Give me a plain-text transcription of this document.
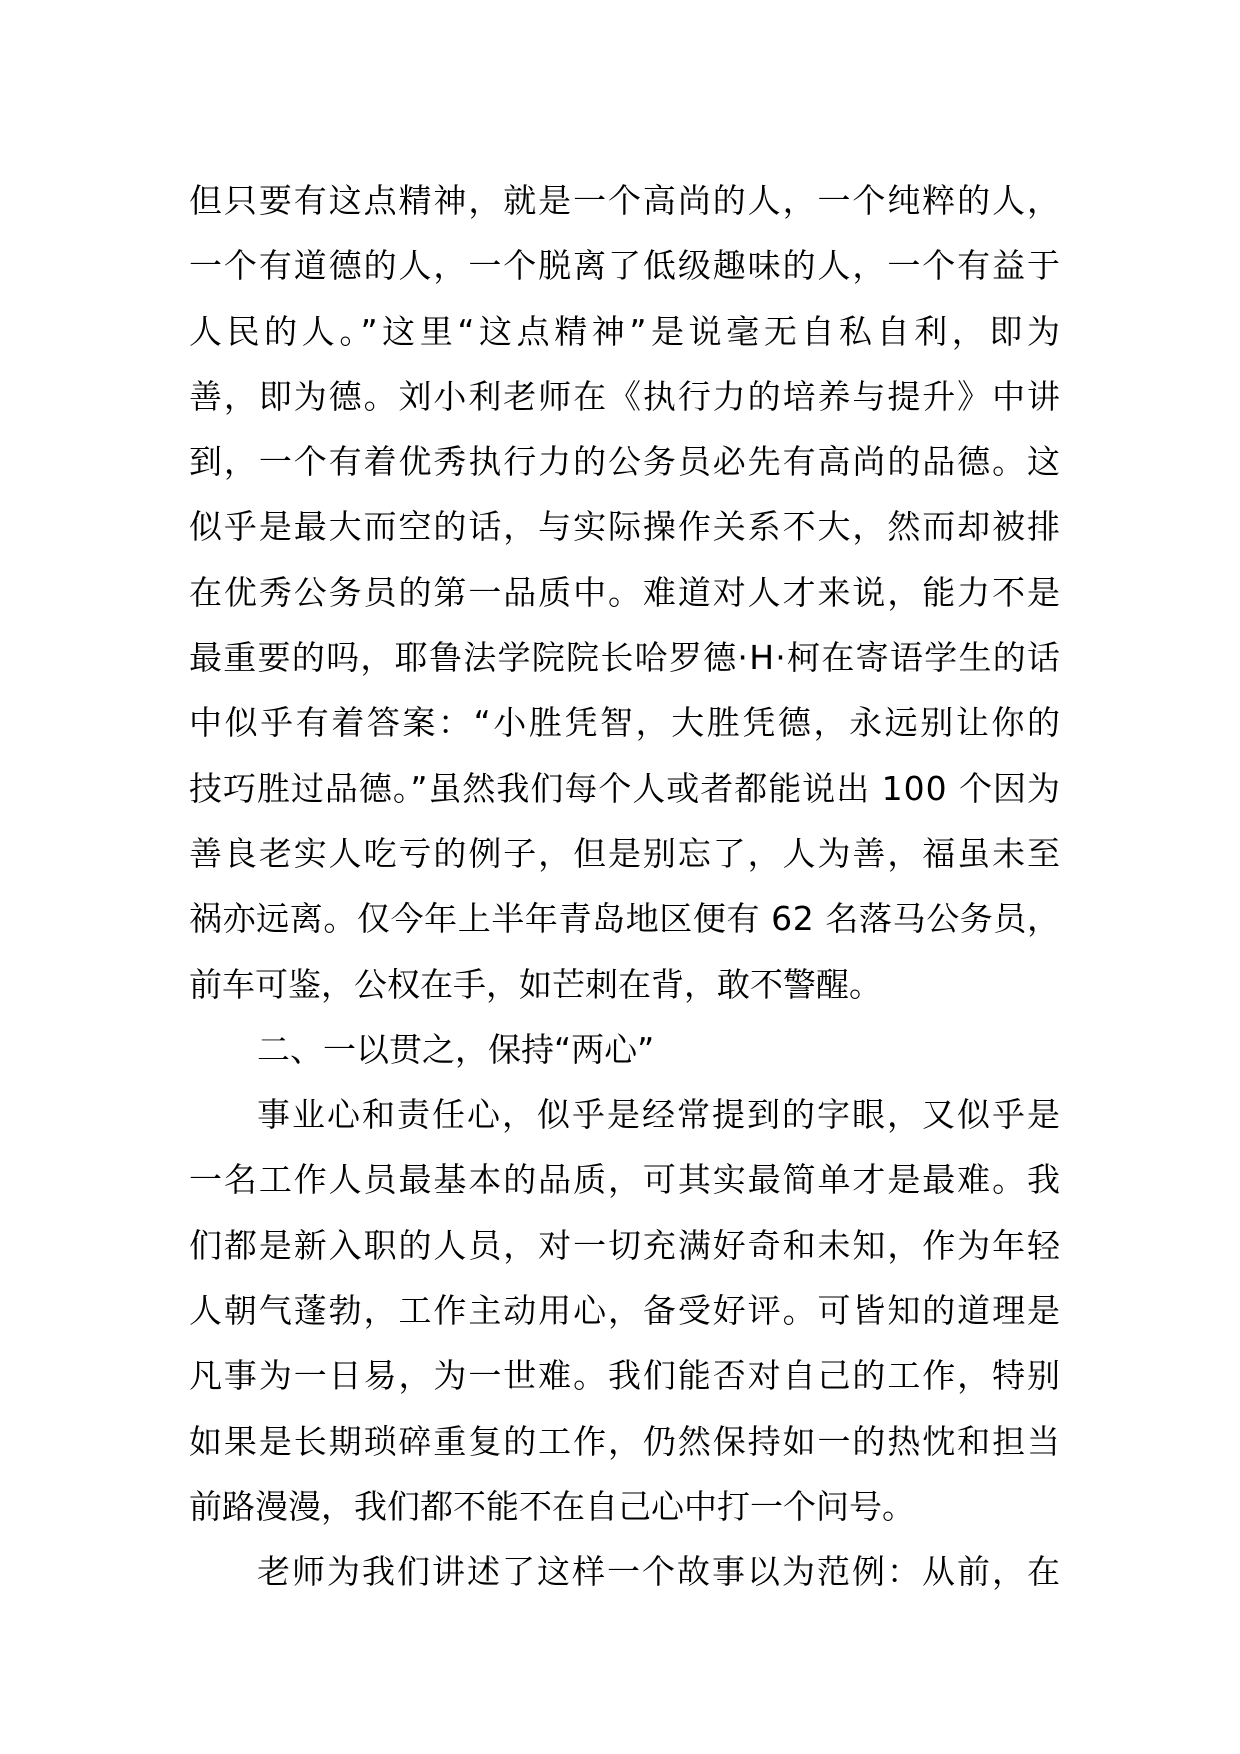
但只要有这点精神，就是一个高尚的人，一个纯粹的人，
一个有道德的人，一个脱离了低级趣味的人，一个有益于
人民的人。”这里“这点精神”是说毫无自私自利，即为
善，即为德。刘小利老师在《执行力的培养与提升》中讲
到，一个有着优秀执行力的公务员必先有高尚的品德。这
似乎是最大而空的话，与实际操作关系不大，然而却被排
在优秀公务员的第一品质中。难道对人才来说，能力不是
最重要的吗，耶鲁法学院院长哈罗德·H·柯在寄语学生的话
中似乎有着答案：“小胜凭智，大胜凭德，永远别让你的
技巧胜过品德。”虽然我们每个人或者都能说出 100 个因为
善良老实人吃亏的例子，但是别忘了，人为善，福虽未至
祸亦远离。仅今年上半年青岛地区便有 62 名落马公务员，
前车可鉴，公权在手，如芒刺在背，敢不警醒。
二、一以贯之，保持“两心”
事业心和责任心，似乎是经常提到的字眼，又似乎是
一名工作人员最基本的品质，可其实最简单才是最难。我
们都是新入职的人员，对一切充满好奇和未知，作为年轻
人朝气蓬勃，工作主动用心，备受好评。可皆知的道理是
凡事为一日易，为一世难。我们能否对自己的工作，特别
如果是长期琐碎重复的工作，仍然保持如一的热忱和担当
前路漫漫，我们都不能不在自己心中打一个问号。
老师为我们讲述了这样一个故事以为范例：从前，在
